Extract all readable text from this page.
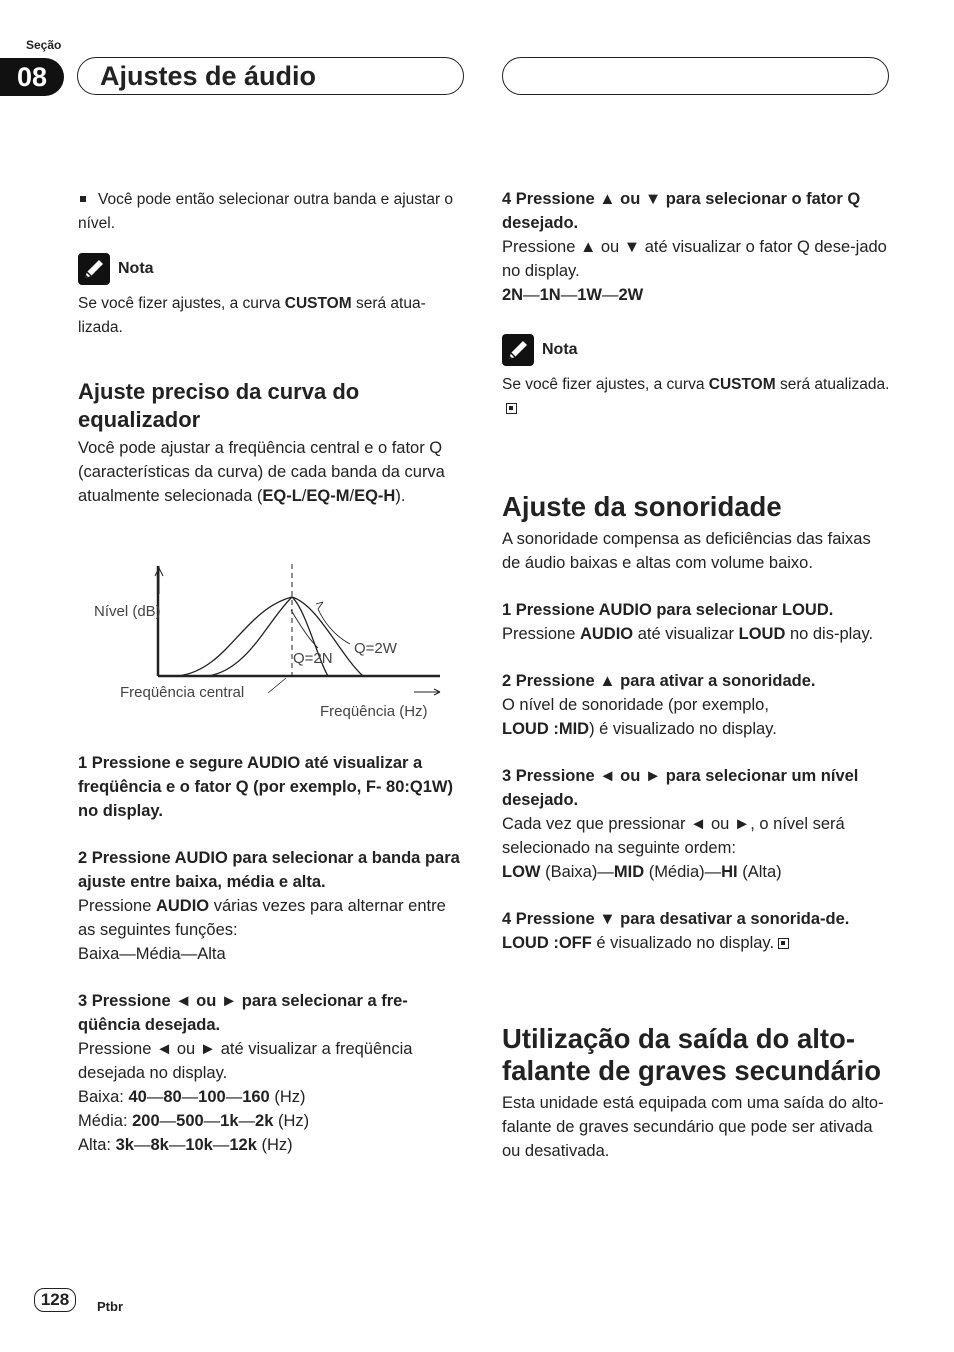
Seção
08	Ajustes de áudio

Você pode então selecionar outra banda e ajustar o nível.

Nota

Se você fizer ajustes, a curva CUSTOM será atua-lizada.

Ajuste preciso da curva do equalizador

Você pode ajustar a freqüência central e o fator Q (características da curva) de cada banda da curva atualmente selecionada (EQ-L/EQ-M/EQ-H).

Nível (dB)
Q=2N
Q=2W
Freqüência central
Freqüência (Hz)

1 Pressione e segure AUDIO até visualizar a freqüência e o fator Q (por exemplo, F- 80:Q1W) no display.

2 Pressione AUDIO para selecionar a banda para ajuste entre baixa, média e alta.

Pressione AUDIO várias vezes para alternar entre as seguintes funções:

Baixa—Média—Alta

3 Pressione ◄ ou ► para selecionar a fre-qüência desejada.

Pressione ◄ ou ► até visualizar a freqüência desejada no display.

Baixa: 40—80—100—160 (Hz)

Média: 200—500—1k—2k (Hz)

Alta: 3k—8k—10k—12k (Hz)

4 Pressione ▲ ou ▼ para selecionar o fator Q desejado.

Pressione ▲ ou ▼ até visualizar o fator Q dese-jado no display.

2N—1N—1W—2W

Nota

Se você fizer ajustes, a curva CUSTOM será atualizada.

Ajuste da sonoridade

A sonoridade compensa as deficiências das faixas de áudio baixas e altas com volume baixo.

1 Pressione AUDIO para selecionar LOUD.

Pressione AUDIO até visualizar LOUD no dis-play.

2 Pressione ▲ para ativar a sonoridade.

O nível de sonoridade (por exemplo,

LOUD :MID) é visualizado no display.

3 Pressione ◄ ou ► para selecionar um nível desejado.

Cada vez que pressionar ◄ ou ►, o nível será selecionado na seguinte ordem:

LOW (Baixa)—MID (Média)—HI (Alta)

4 Pressione ▼ para desativar a sonorida-de.

LOUD :OFF é visualizado no display.

Utilização da saída do alto-falante de graves secundário

Esta unidade está equipada com uma saída do alto-falante de graves secundário que pode ser ativada ou desativada.

128	Ptbr
